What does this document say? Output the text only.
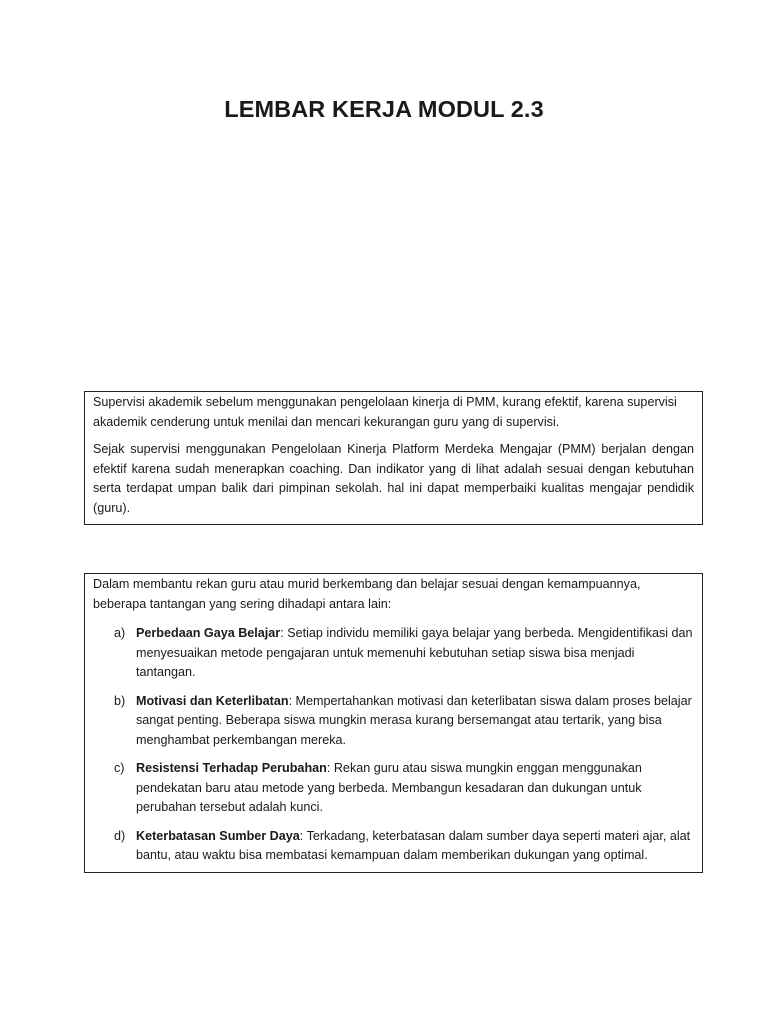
LEMBAR KERJA MODUL 2.3

Supervisi akademik sebelum menggunakan pengelolaan kinerja di PMM, kurang efektif, karena supervisi akademik cenderung untuk menilai dan mencari kekurangan guru yang di supervisi.

Sejak supervisi menggunakan Pengelolaan Kinerja Platform Merdeka Mengajar (PMM) berjalan dengan efektif karena sudah menerapkan coaching. Dan indikator yang di lihat adalah sesuai dengan kebutuhan serta terdapat umpan balik dari pimpinan sekolah. hal ini dapat memperbaiki kualitas mengajar pendidik (guru).

Dalam membantu rekan guru atau murid berkembang dan belajar sesuai dengan kemampuannya, beberapa tantangan yang sering dihadapi antara lain:

a) Perbedaan Gaya Belajar: Setiap individu memiliki gaya belajar yang berbeda. Mengidentifikasi dan menyesuaikan metode pengajaran untuk memenuhi kebutuhan setiap siswa bisa menjadi tantangan.
b) Motivasi dan Keterlibatan: Mempertahankan motivasi dan keterlibatan siswa dalam proses belajar sangat penting. Beberapa siswa mungkin merasa kurang bersemangat atau tertarik, yang bisa menghambat perkembangan mereka.
c) Resistensi Terhadap Perubahan: Rekan guru atau siswa mungkin enggan menggunakan pendekatan baru atau metode yang berbeda. Membangun kesadaran dan dukungan untuk perubahan tersebut adalah kunci.
d) Keterbatasan Sumber Daya: Terkadang, keterbatasan dalam sumber daya seperti materi ajar, alat bantu, atau waktu bisa membatasi kemampuan dalam memberikan dukungan yang optimal.
